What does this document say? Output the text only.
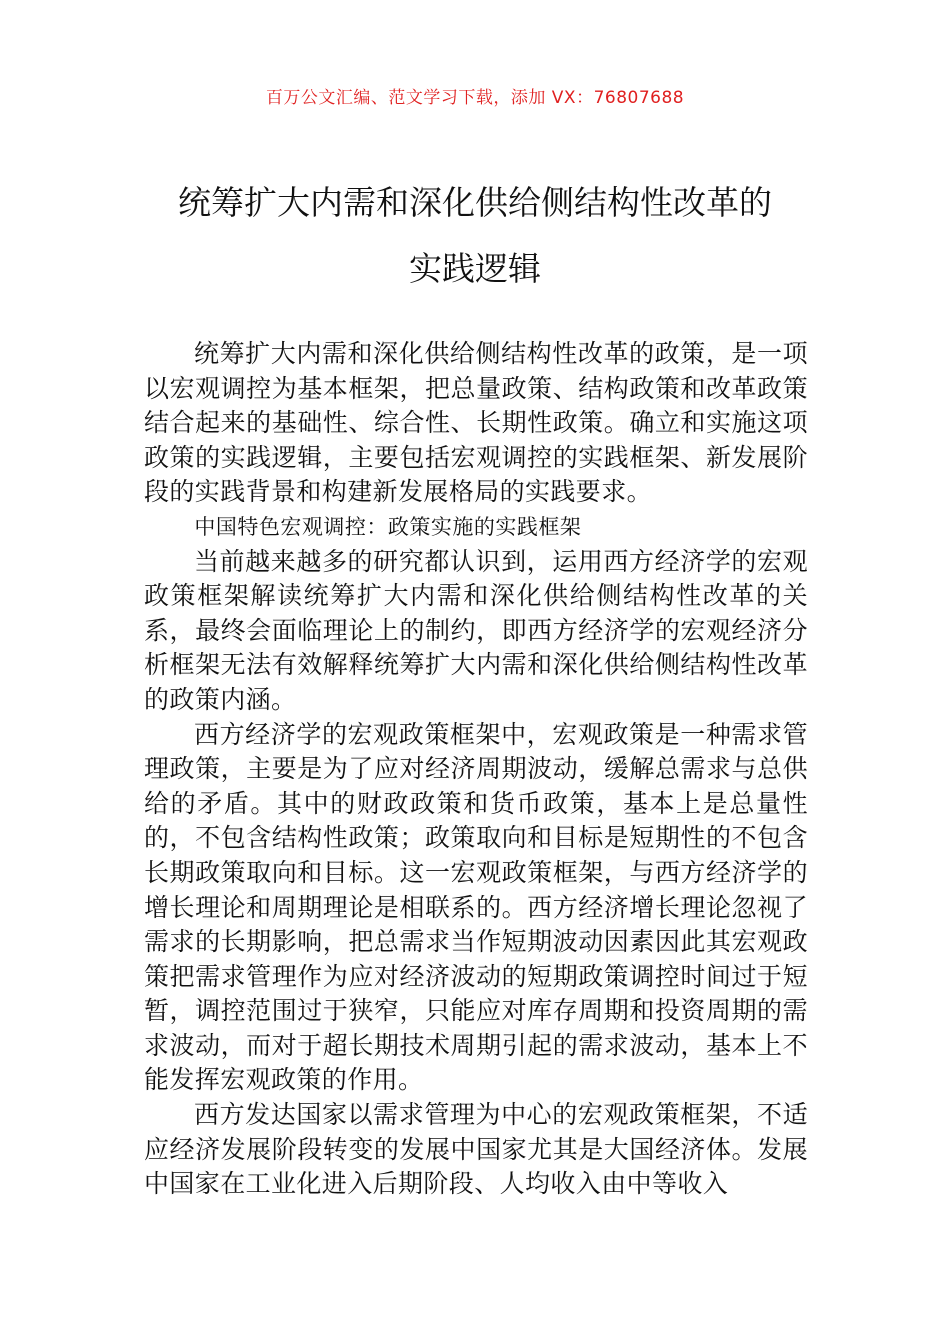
百万公文汇编、范文学习下载，添加 VX：76807688
统筹扩大内需和深化供给侧结构性改革的
实践逻辑

统筹扩大内需和深化供给侧结构性改革的政策，是一项以宏观调控为基本框架，把总量政策、结构政策和改革政策结合起来的基础性、综合性、长期性政策。确立和实施这项政策的实践逻辑，主要包括宏观调控的实践框架、新发展阶段的实践背景和构建新发展格局的实践要求。

中国特色宏观调控：政策实施的实践框架

当前越来越多的研究都认识到，运用西方经济学的宏观政策框架解读统筹扩大内需和深化供给侧结构性改革的关系，最终会面临理论上的制约，即西方经济学的宏观经济分析框架无法有效解释统筹扩大内需和深化供给侧结构性改革的政策内涵。

西方经济学的宏观政策框架中，宏观政策是一种需求管理政策，主要是为了应对经济周期波动，缓解总需求与总供给的矛盾。其中的财政政策和货币政策，基本上是总量性的，不包含结构性政策；政策取向和目标是短期性的不包含长期政策取向和目标。这一宏观政策框架，与西方经济学的增长理论和周期理论是相联系的。西方经济增长理论忽视了需求的长期影响，把总需求当作短期波动因素因此其宏观政策把需求管理作为应对经济波动的短期政策调控时间过于短暂，调控范围过于狭窄，只能应对库存周期和投资周期的需求波动，而对于超长期技术周期引起的需求波动，基本上不能发挥宏观政策的作用。

西方发达国家以需求管理为中心的宏观政策框架，不适应经济发展阶段转变的发展中国家尤其是大国经济体。发展中国家在工业化进入后期阶段、人均收入由中等收入
